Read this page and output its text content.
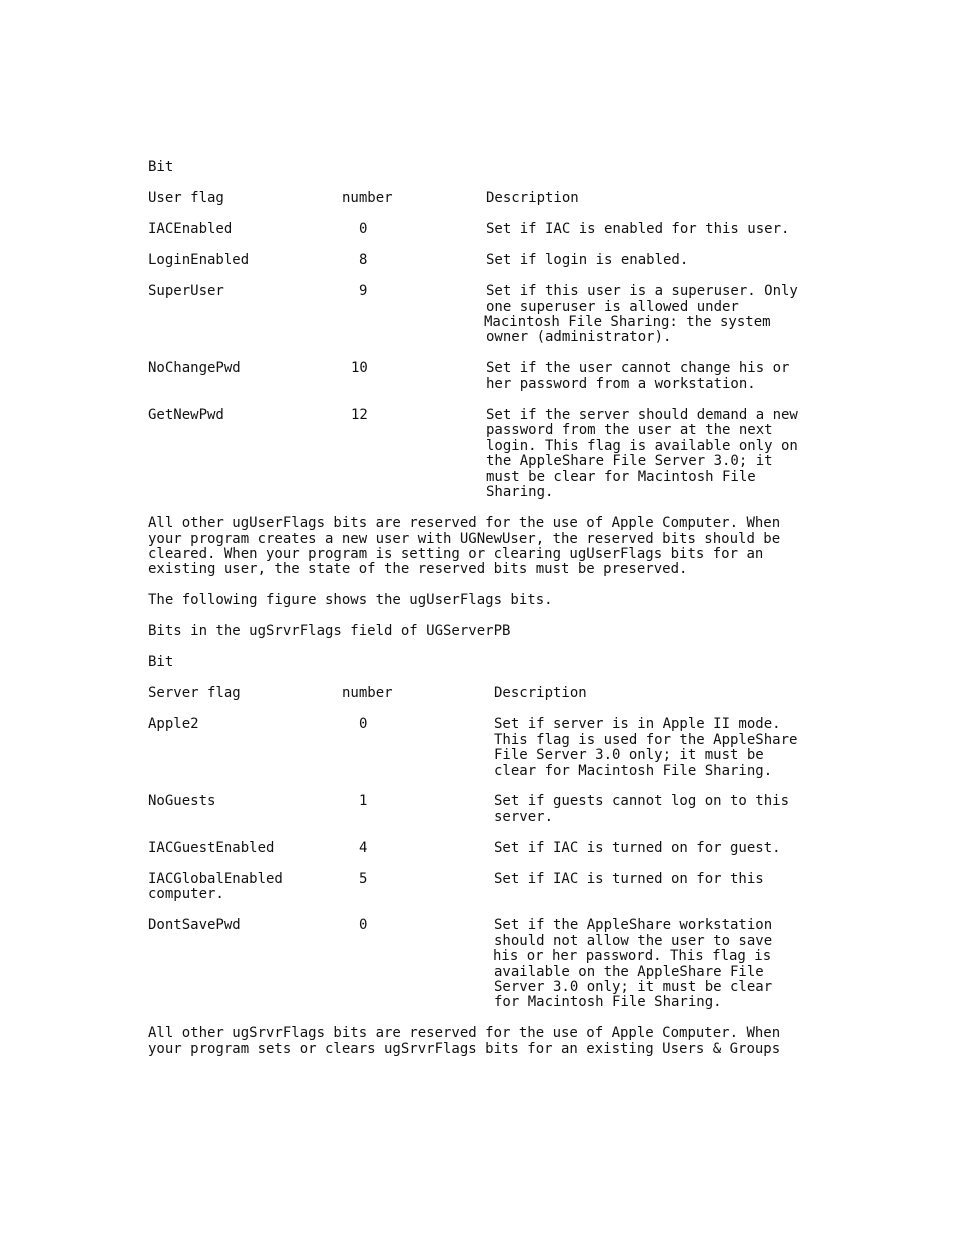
Bit
User flag	number	Description
IACEnabled	0	Set if IAC is enabled for this user.
LoginEnabled	8	Set if login is enabled.
SuperUser	9	Set if this user is a superuser. Only
one superuser is allowed under
Macintosh File Sharing: the system
owner (administrator).
NoChangePwd	10	Set if the user cannot change his or
her password from a workstation.
GetNewPwd	12	Set if the server should demand a new
password from the user at the next
login. This flag is available only on
the AppleShare File Server 3.0; it
must be clear for Macintosh File
Sharing.
All other ugUserFlags bits are reserved for the use of Apple Computer. When
your program creates a new user with UGNewUser, the reserved bits should be
cleared. When your program is setting or clearing ugUserFlags bits for an
existing user, the state of the reserved bits must be preserved.
The following figure shows the ugUserFlags bits.
Bits in the ugSrvrFlags field of UGServerPB
Bit
Server flag	number	Description
Apple2	0	Set if server is in Apple II mode.
This flag is used for the AppleShare
File Server 3.0 only; it must be
clear for Macintosh File Sharing.
NoGuests	1	Set if guests cannot log on to this
server.
IACGuestEnabled	4	Set if IAC is turned on for guest.
IACGlobalEnabled	5	Set if IAC is turned on for this
computer.
DontSavePwd	0	Set if the AppleShare workstation
should not allow the user to save
his or her password. This flag is
available on the AppleShare File
Server 3.0 only; it must be clear
for Macintosh File Sharing.
All other ugSrvrFlags bits are reserved for the use of Apple Computer. When
your program sets or clears ugSrvrFlags bits for an existing Users & Groups
